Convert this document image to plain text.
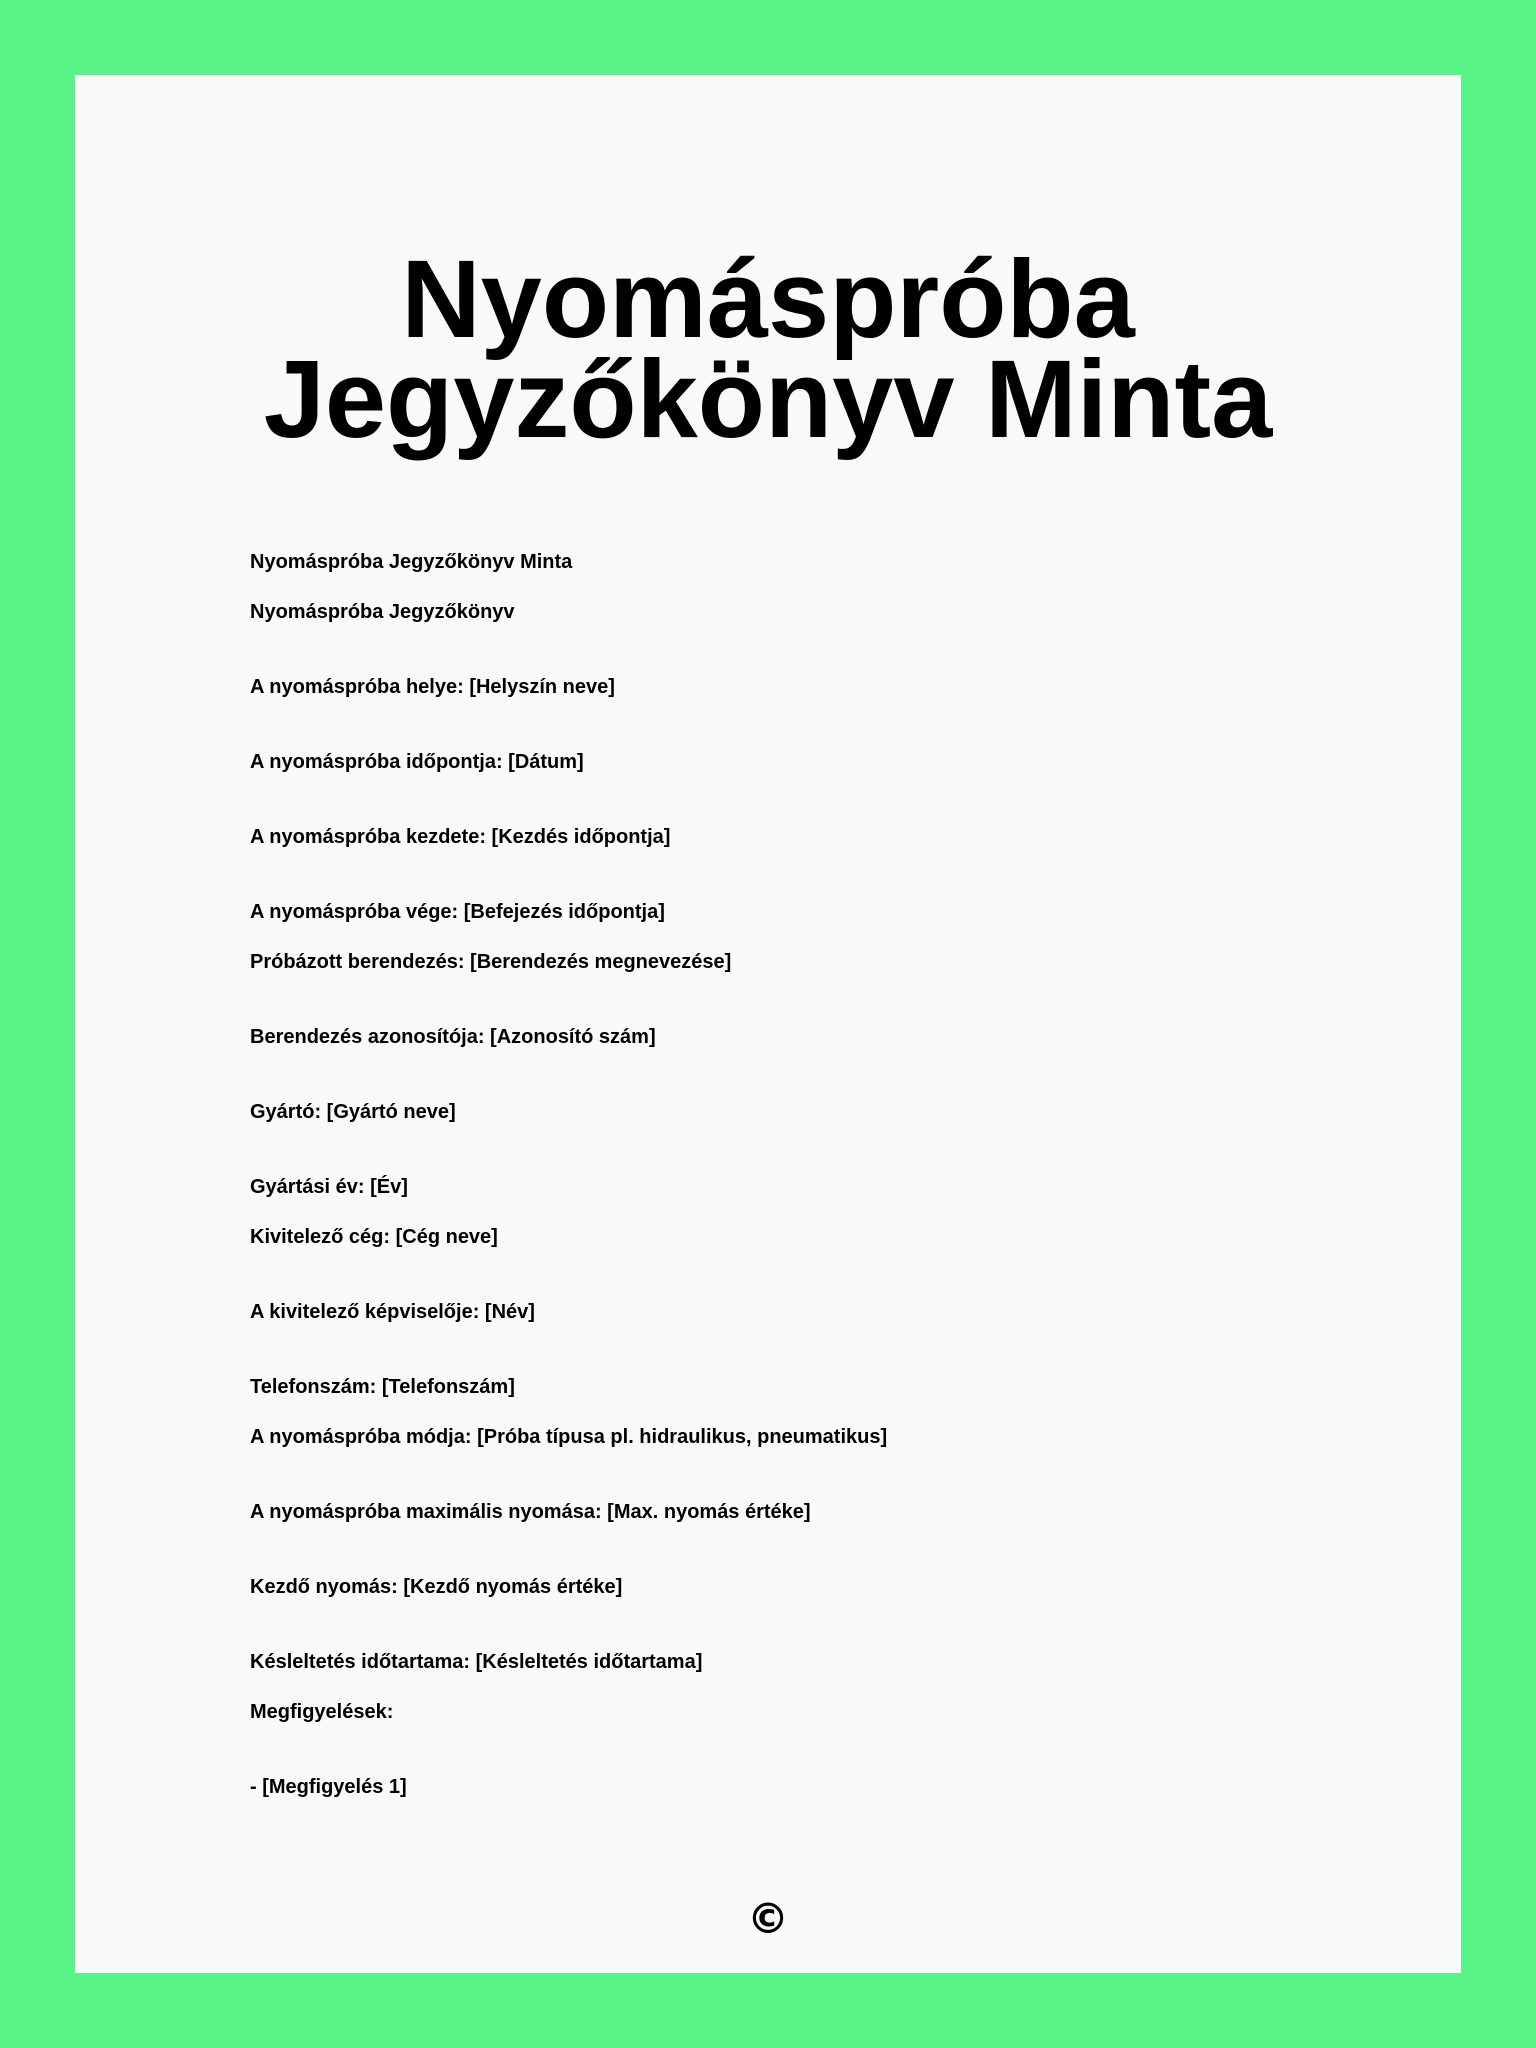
Nyomáspróba Jegyzőkönyv Minta

Nyomáspróba Jegyzőkönyv Minta

Nyomáspróba Jegyzőkönyv

A nyomáspróba helye: [Helyszín neve]

A nyomáspróba időpontja: [Dátum]

A nyomáspróba kezdete: [Kezdés időpontja]

A nyomáspróba vége: [Befejezés időpontja]

Próbázott berendezés: [Berendezés megnevezése]

Berendezés azonosítója: [Azonosító szám]

Gyártó: [Gyártó neve]

Gyártási év: [Év]

Kivitelező cég: [Cég neve]

A kivitelező képviselője: [Név]

Telefonszám: [Telefonszám]

A nyomáspróba módja: [Próba típusa pl. hidraulikus, pneumatikus]

A nyomáspróba maximális nyomása: [Max. nyomás értéke]

Kezdő nyomás: [Kezdő nyomás értéke]

Késleltetés időtartama: [Késleltetés időtartama]

Megfigyelések:

- [Megfigyelés 1]

©
